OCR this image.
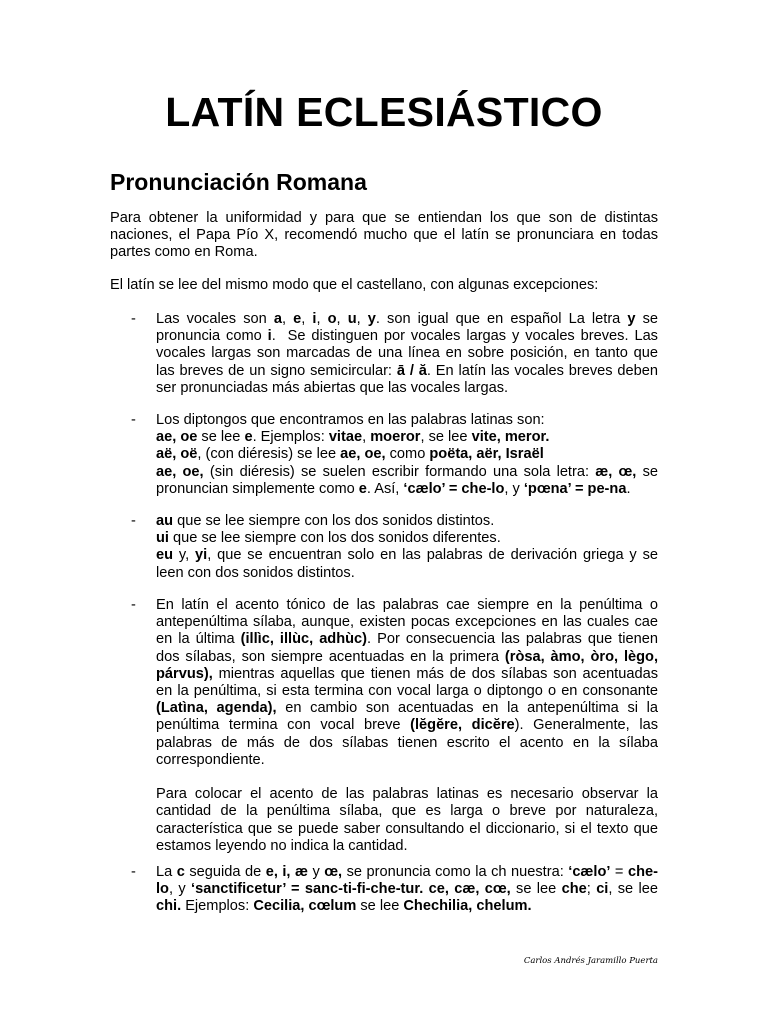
LATÍN ECLESIÁSTICO
Pronunciación Romana
Para obtener la uniformidad y para que se entiendan los que son de distintas naciones, el Papa Pío X, recomendó mucho que el latín se pronunciara en todas partes como en Roma.
El latín se lee del mismo modo que el castellano, con algunas excepciones:
- Las vocales son a, e, i, o, u, y. son igual que en español La letra y se pronuncia como i.  Se distinguen por vocales largas y vocales breves. Las vocales largas son marcadas de una línea en sobre posición, en tanto que las breves de un signo semicircular: ā / ă. En latín las vocales breves deben ser pronunciadas más abiertas que las vocales largas.

- Los diptongos que encontramos en las palabras latinas son:
ae, oe se lee e. Ejemplos: vitae, moeror, se lee vite, meror.
aë, oë, (con diéresis) se lee ae, oe, como poëta, aër, Israël
ae, oe, (sin diéresis) se suelen escribir formando una sola letra: æ, œ, se pronuncian simplemente como e. Así, ‘cælo’ = che-lo, y ‘pœna’ = pe-na.

- au que se lee siempre con los dos sonidos distintos.
ui que se lee siempre con los dos sonidos diferentes.
eu y, yi, que se encuentran solo en las palabras de derivación griega y se leen con dos sonidos distintos.

- En latín el acento tónico de las palabras cae siempre en la penúltima o antepenúltima sílaba, aunque, existen pocas excepciones en las cuales cae en la última (illìc, illùc, adhùc). Por consecuencia las palabras que tienen dos sílabas, son siempre acentuadas en la primera (ròsa, àmo, òro, lègo, párvus), mientras aquellas que tienen más de dos sílabas son acentuadas en la penúltima, si esta termina con vocal larga o diptongo o en consonante (Latìna, agenda), en cambio son acentuadas en la antepenúltima si la penúltima termina con vocal breve (lĕgĕre, dicĕre). Generalmente, las palabras de más de dos sílabas tienen escrito el acento en la sílaba correspondiente.

Para colocar el acento de las palabras latinas es necesario observar la cantidad de la penúltima sílaba, que es larga o breve por naturaleza, característica que se puede saber consultando el diccionario, si el texto que estamos leyendo no indica la cantidad.

- La c seguida de e, i, æ y œ, se pronuncia como la ch nuestra: ‘cælo’ = che-lo, y ‘sanctificetur’ = sanc-ti-fi-che-tur. ce, cæ, cœ, se lee che; ci, se lee chi. Ejemplos: Cecilia, cœlum se lee Chechilia, chelum.

Carlos Andrés Jaramillo Puerta
